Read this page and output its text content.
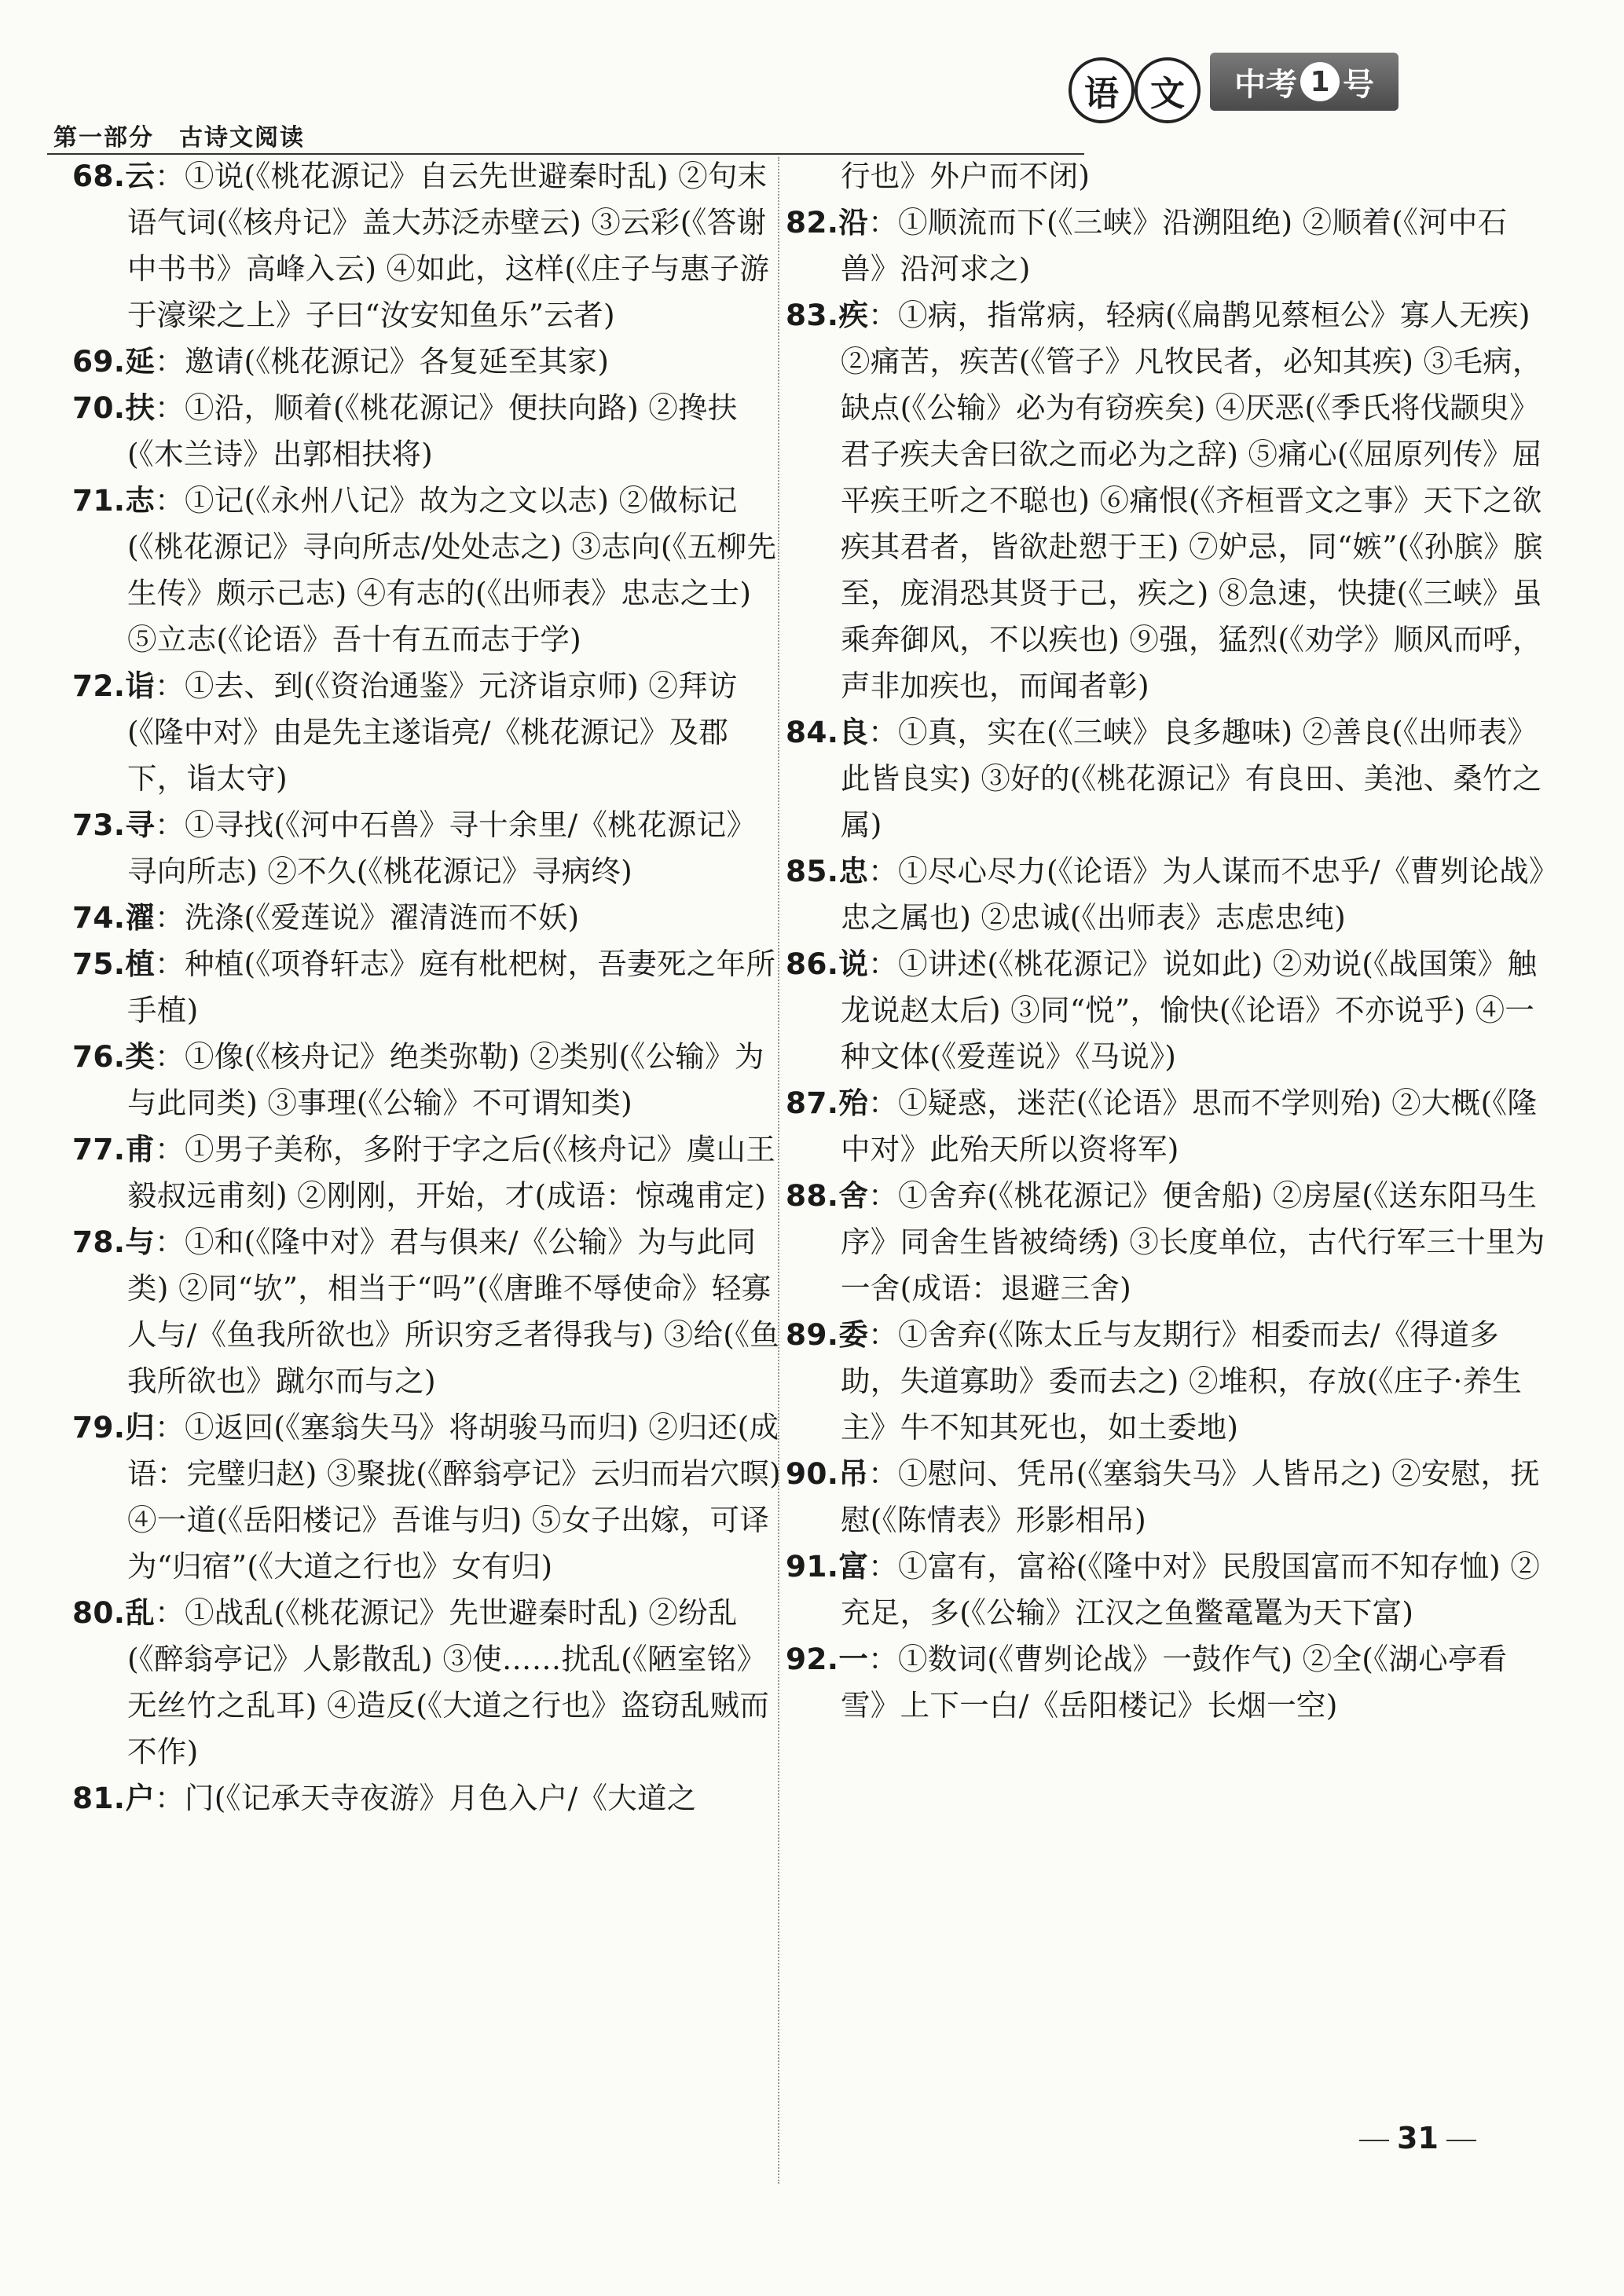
第一部分　古诗文阅读
语 文	中考 1 号
68.云：①说(《桃花源记》自云先世避秦时乱) ②句末语气词(《核舟记》盖大苏泛赤壁云) ③云彩(《答谢中书书》高峰入云) ④如此，这样(《庄子与惠子游于濠梁之上》子曰“汝安知鱼乐”云者)
69.延：邀请(《桃花源记》各复延至其家)
70.扶：①沿，顺着(《桃花源记》便扶向路) ②搀扶(《木兰诗》出郭相扶将)
71.志：①记(《永州八记》故为之文以志) ②做标记(《桃花源记》寻向所志/处处志之) ③志向(《五柳先生传》颇示己志) ④有志的(《出师表》忠志之士) ⑤立志(《论语》吾十有五而志于学)
72.诣：①去、到(《资治通鉴》元济诣京师) ②拜访(《隆中对》由是先主遂诣亮/《桃花源记》及郡下，诣太守)
73.寻：①寻找(《河中石兽》寻十余里/《桃花源记》寻向所志) ②不久(《桃花源记》寻病终)
74.濯：洗涤(《爱莲说》濯清涟而不妖)
75.植：种植(《项脊轩志》庭有枇杷树，吾妻死之年所手植)
76.类：①像(《核舟记》绝类弥勒) ②类别(《公输》为与此同类) ③事理(《公输》不可谓知类)
77.甫：①男子美称，多附于字之后(《核舟记》虞山王毅叔远甫刻) ②刚刚，开始，才(成语：惊魂甫定)
78.与：①和(《隆中对》君与俱来/《公输》为与此同类) ②同“欤”，相当于“吗”(《唐雎不辱使命》轻寡人与/《鱼我所欲也》所识穷乏者得我与) ③给(《鱼我所欲也》蹴尔而与之)
79.归：①返回(《塞翁失马》将胡骏马而归) ②归还(成语：完璧归赵) ③聚拢(《醉翁亭记》云归而岩穴暝) ④一道(《岳阳楼记》吾谁与归) ⑤女子出嫁，可译为“归宿”(《大道之行也》女有归)
80.乱：①战乱(《桃花源记》先世避秦时乱) ②纷乱(《醉翁亭记》人影散乱) ③使……扰乱(《陋室铭》无丝竹之乱耳) ④造反(《大道之行也》盗窃乱贼而不作)
81.户：门(《记承天寺夜游》月色入户/《大道之
行也》外户而不闭)
82.沿：①顺流而下(《三峡》沿溯阻绝) ②顺着(《河中石兽》沿河求之)
83.疾：①病，指常病，轻病(《扁鹊见蔡桓公》寡人无疾) ②痛苦，疾苦(《管子》凡牧民者，必知其疾) ③毛病，缺点(《公输》必为有窃疾矣) ④厌恶(《季氏将伐颛臾》君子疾夫舍曰欲之而必为之辞) ⑤痛心(《屈原列传》屈平疾王听之不聪也) ⑥痛恨(《齐桓晋文之事》天下之欲疾其君者，皆欲赴愬于王) ⑦妒忌，同“嫉”(《孙膑》膑至，庞涓恐其贤于己，疾之) ⑧急速，快捷(《三峡》虽乘奔御风，不以疾也) ⑨强，猛烈(《劝学》顺风而呼，声非加疾也，而闻者彰)
84.良：①真，实在(《三峡》良多趣味) ②善良(《出师表》此皆良实) ③好的(《桃花源记》有良田、美池、桑竹之属)
85.忠：①尽心尽力(《论语》为人谋而不忠乎/《曹刿论战》忠之属也) ②忠诚(《出师表》志虑忠纯)
86.说：①讲述(《桃花源记》说如此) ②劝说(《战国策》触龙说赵太后) ③同“悦”，愉快(《论语》不亦说乎) ④一种文体(《爱莲说》《马说》)
87.殆：①疑惑，迷茫(《论语》思而不学则殆) ②大概(《隆中对》此殆天所以资将军)
88.舍：①舍弃(《桃花源记》便舍船) ②房屋(《送东阳马生序》同舍生皆被绮绣) ③长度单位，古代行军三十里为一舍(成语：退避三舍)
89.委：①舍弃(《陈太丘与友期行》相委而去/《得道多助，失道寡助》委而去之) ②堆积，存放(《庄子·养生主》牛不知其死也，如土委地)
90.吊：①慰问、凭吊(《塞翁失马》人皆吊之) ②安慰，抚慰(《陈情表》形影相吊)
91.富：①富有，富裕(《隆中对》民殷国富而不知存恤) ②充足，多(《公输》江汉之鱼鳖鼋鼍为天下富)
92.一：①数词(《曹刿论战》一鼓作气) ②全(《湖心亭看雪》上下一白/《岳阳楼记》长烟一空)
31
